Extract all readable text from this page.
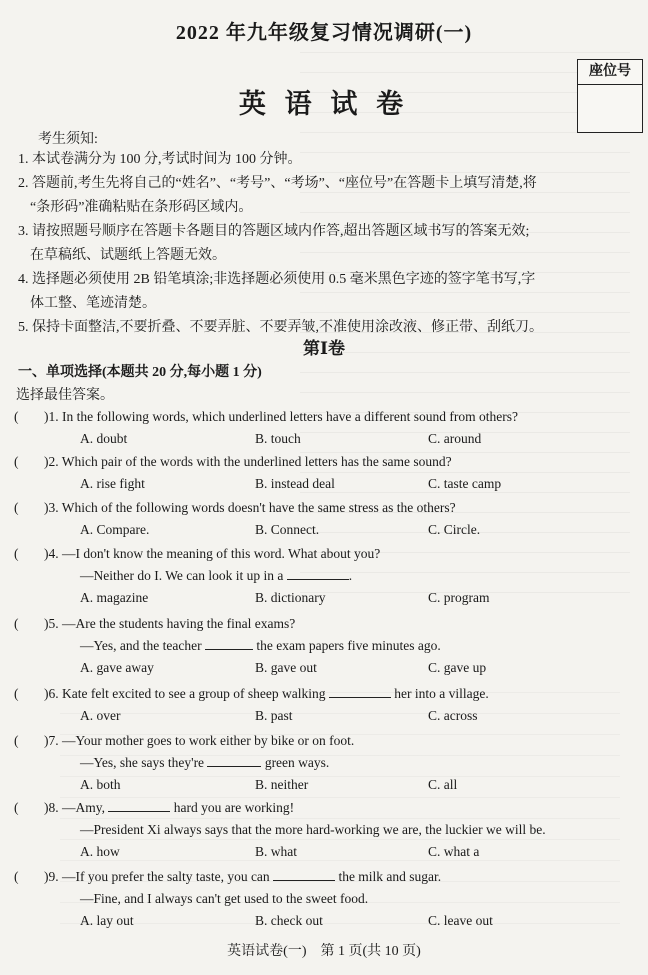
2022 年九年级复习情况调研(一)
英 语 试 卷
座位号
考生须知:

1. 本试卷满分为 100 分,考试时间为 100 分钟。

2. 答题前,考生先将自己的“姓名”、“考号”、“考场”、“座位号”在答题卡上填写清楚,将

“条形码”准确粘贴在条形码区域内。

3. 请按照题号顺序在答题卡各题目的答题区域内作答,超出答题区域书写的答案无效;

在草稿纸、试题纸上答题无效。

4. 选择题必须使用 2B 铅笔填涂;非选择题必须使用 0.5 毫米黑色字迹的签字笔书写,字

体工整、笔迹清楚。

5. 保持卡面整洁,不要折叠、不要弄脏、不要弄皱,不准使用涂改液、修正带、刮纸刀。

第Ⅰ卷
一、单项选择(本题共 20 分,每小题 1 分)
选择最佳答案。
( )1. In the following words, which underlined letters have a different sound from others?
A. doubt	B. touch	C. around
( )2. Which pair of the words with the underlined letters has the same sound?
A. rise fight	B. instead deal	C. taste camp
( )3. Which of the following words doesn't have the same stress as the others?
A. Compare.	B. Connect.	C. Circle.
( )4. —I don't know the meaning of this word. What about you?
—Neither do I. We can look it up in a	.
A. magazine	B. dictionary	C. program
( )5. —Are the students having the final exams?
—Yes, and the teacher	the exam papers five minutes ago.
A. gave away	B. gave out	C. gave up
( )6. Kate felt excited to see a group of sheep walking	her into a village.
A. over	B. past	C. across
( )7. —Your mother goes to work either by bike or on foot.
—Yes, she says they're	green ways.
A. both	B. neither	C. all
( )8. —Amy,	hard you are working!
—President Xi always says that the more hard-working we are, the luckier we will be.
A. how	B. what	C. what a
( )9. —If you prefer the salty taste, you can	the milk and sugar.
—Fine, and I always can't get used to the sweet food.
A. lay out	B. check out	C. leave out
英语试卷(一)　第 1 页(共 10 页)
